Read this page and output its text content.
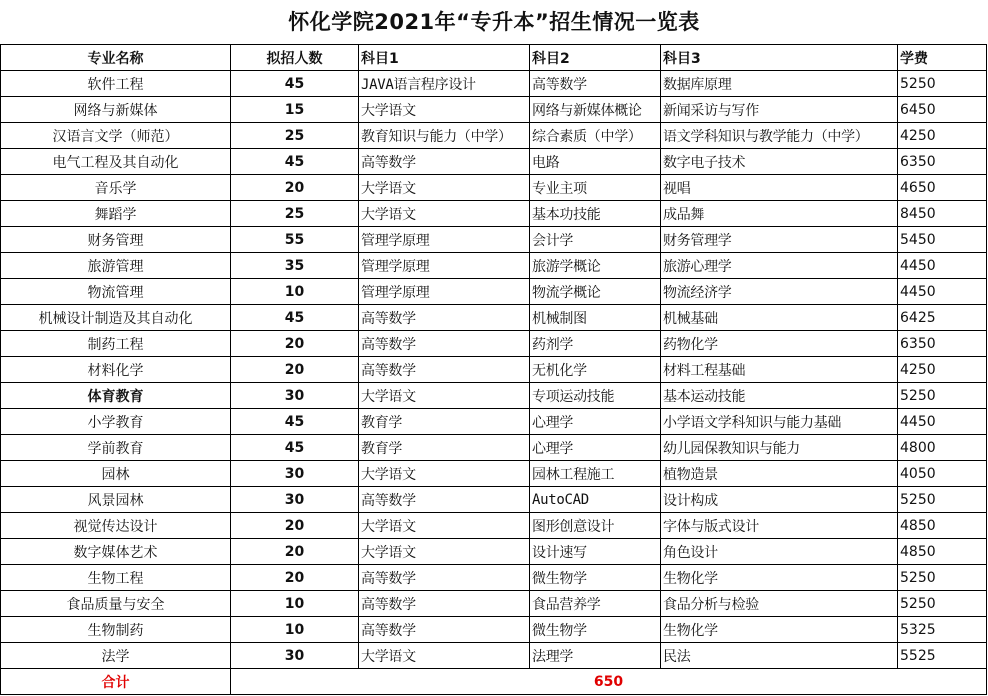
怀化学院2021年“专升本”招生情况一览表
专业名称	拟招人数	科目1	科目2	科目3	学费
软件工程	45	JAVA语言程序设计	高等数学	数据库原理	5250
网络与新媒体	15	大学语文	网络与新媒体概论	新闻采访与写作	6450
汉语言文学（师范）	25	教育知识与能力（中学）	综合素质（中学）	语文学科知识与教学能力（中学）	4250
电气工程及其自动化	45	高等数学	电路	数字电子技术	6350
音乐学	20	大学语文	专业主项	视唱	4650
舞蹈学	25	大学语文	基本功技能	成品舞	8450
财务管理	55	管理学原理	会计学	财务管理学	5450
旅游管理	35	管理学原理	旅游学概论	旅游心理学	4450
物流管理	10	管理学原理	物流学概论	物流经济学	4450
机械设计制造及其自动化	45	高等数学	机械制图	机械基础	6425
制药工程	20	高等数学	药剂学	药物化学	6350
材料化学	20	高等数学	无机化学	材料工程基础	4250
体育教育	30	大学语文	专项运动技能	基本运动技能	5250
小学教育	45	教育学	心理学	小学语文学科知识与能力基础	4450
学前教育	45	教育学	心理学	幼儿园保教知识与能力	4800
园林	30	大学语文	园林工程施工	植物造景	4050
风景园林	30	高等数学	AutoCAD	设计构成	5250
视觉传达设计	20	大学语文	图形创意设计	字体与版式设计	4850
数字媒体艺术	20	大学语文	设计速写	角色设计	4850
生物工程	20	高等数学	微生物学	生物化学	5250
食品质量与安全	10	高等数学	食品营养学	食品分析与检验	5250
生物制药	10	高等数学	微生物学	生物化学	5325
法学	30	大学语文	法理学	民法	5525
合计	650				
